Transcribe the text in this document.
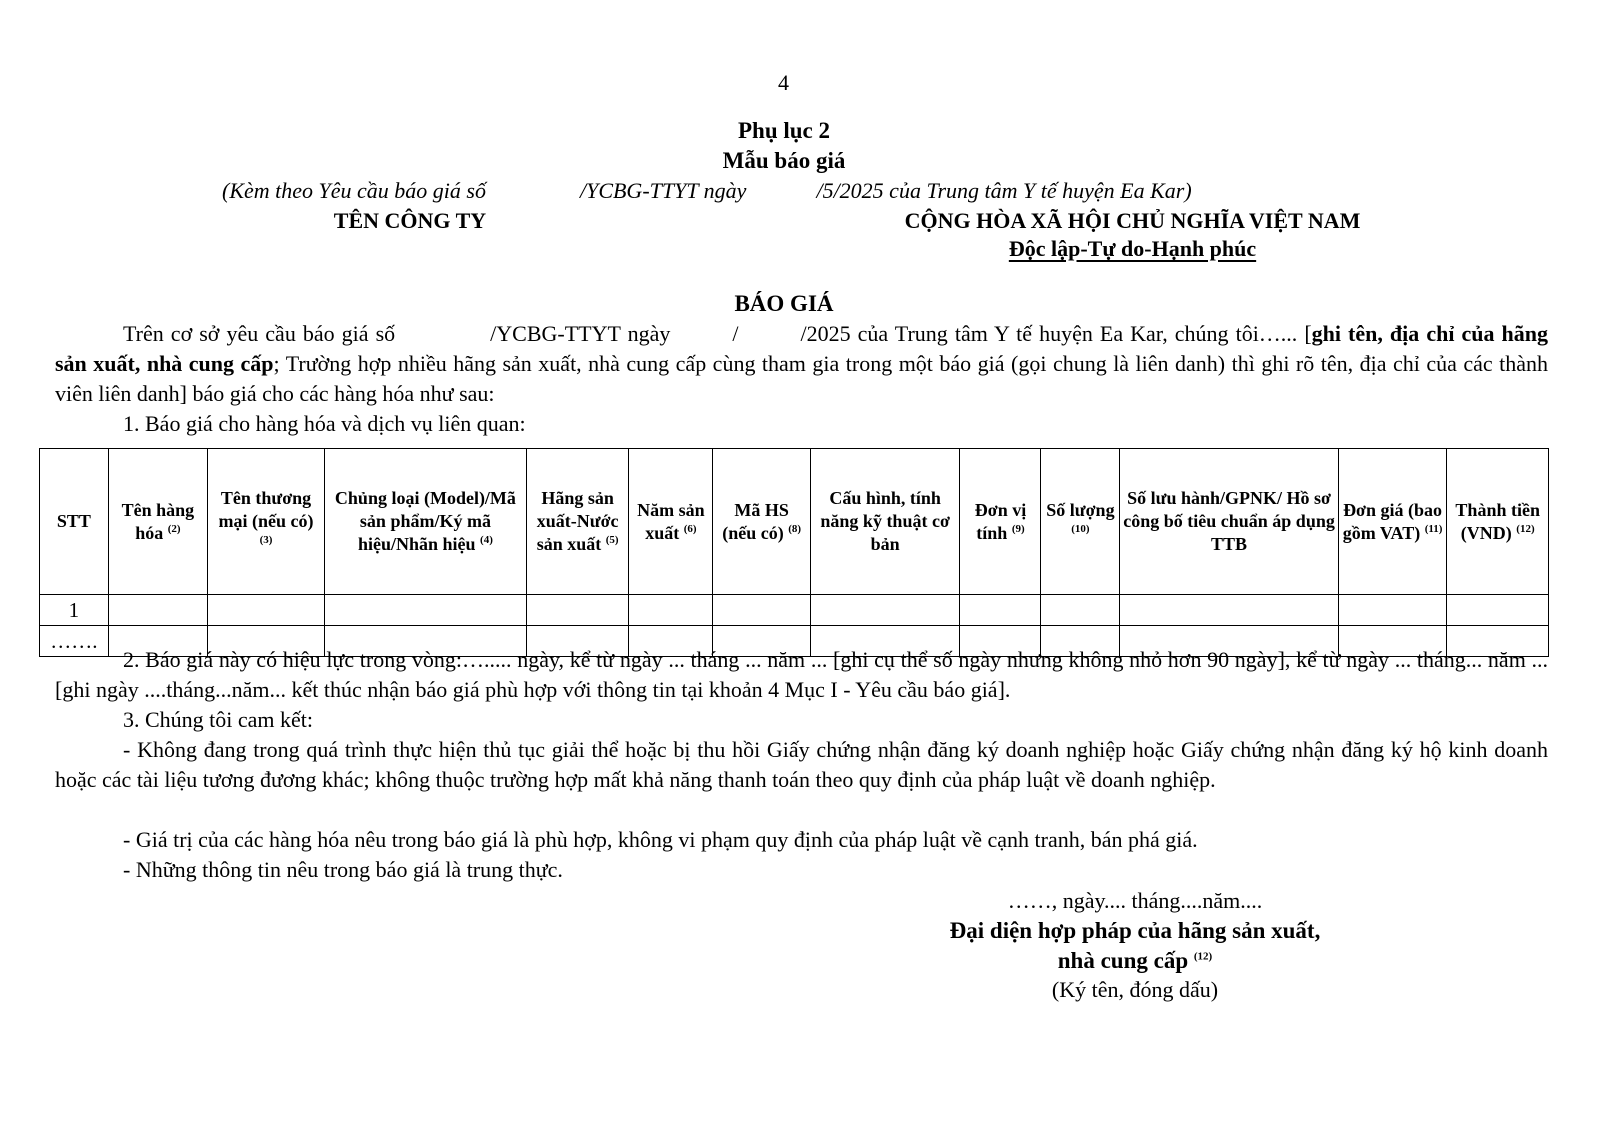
4
Phụ lục 2
Mẫu báo giá
(Kèm theo Yêu cầu báo giá số	/YCBG-TTYT ngày	/5/2025 của Trung tâm Y tế huyện Ea Kar)
TÊN CÔNG TY	CỘNG HÒA XÃ HỘI CHỦ NGHĨA VIỆT NAM
Độc lập-Tự do-Hạnh phúc
BÁO GIÁ
Trên cơ sở yêu cầu báo giá số	/YCBG-TTYT ngày	/	/2025 của Trung tâm Y tế huyện Ea Kar, chúng tôi…... [ghi tên, địa chỉ của hãng sản xuất, nhà cung cấp; Trường hợp nhiều hãng sản xuất, nhà cung cấp cùng tham gia trong một báo giá (gọi chung là liên danh) thì ghi rõ tên, địa chỉ của các thành viên liên danh] báo giá cho các hàng hóa như sau:
1. Báo giá cho hàng hóa và dịch vụ liên quan:
STT	Tên hàng hóa $^{(2)}$	Tên thương mại (nếu có) $^{(3)}$	Chủng loại (Model)/Mã sản phẩm/Ký mã hiệu/Nhãn hiệu $^{(4)}$	Hãng sản xuất-Nước sản xuất $^{(5)}$	Năm sản xuất $^{(6)}$	Mã HS (nếu có) $^{(8)}$	Cấu hình, tính năng kỹ thuật cơ bản	Đơn vị tính $^{(9)}$	Số lượng $^{(10)}$	Số lưu hành/GPNK/ Hồ sơ công bố tiêu chuẩn áp dụng TTB	Đơn giá (bao gồm VAT) $^{(11)}$	Thành tiền (VND) $^{(12)}$
1												
…….												
2. Báo giá này có hiệu lực trong vòng:…..... ngày, kể từ ngày ... tháng ... năm ... [ghi cụ thể số ngày nhưng không nhỏ hơn 90 ngày], kể từ ngày ... tháng... năm ... [ghi ngày ....tháng...năm... kết thúc nhận báo giá phù hợp với thông tin tại khoản 4 Mục I - Yêu cầu báo giá].
3. Chúng tôi cam kết:
- Không đang trong quá trình thực hiện thủ tục giải thể hoặc bị thu hồi Giấy chứng nhận đăng ký doanh nghiệp hoặc Giấy chứng nhận đăng ký hộ kinh doanh hoặc các tài liệu tương đương khác; không thuộc trường hợp mất khả năng thanh toán theo quy định của pháp luật về doanh nghiệp.
- Giá trị của các hàng hóa nêu trong báo giá là phù hợp, không vi phạm quy định của pháp luật về cạnh tranh, bán phá giá.
- Những thông tin nêu trong báo giá là trung thực.
……, ngày.... tháng....năm....
Đại diện hợp pháp của hãng sản xuất,
nhà cung cấp $^{(12)}$
(Ký tên, đóng dấu)
